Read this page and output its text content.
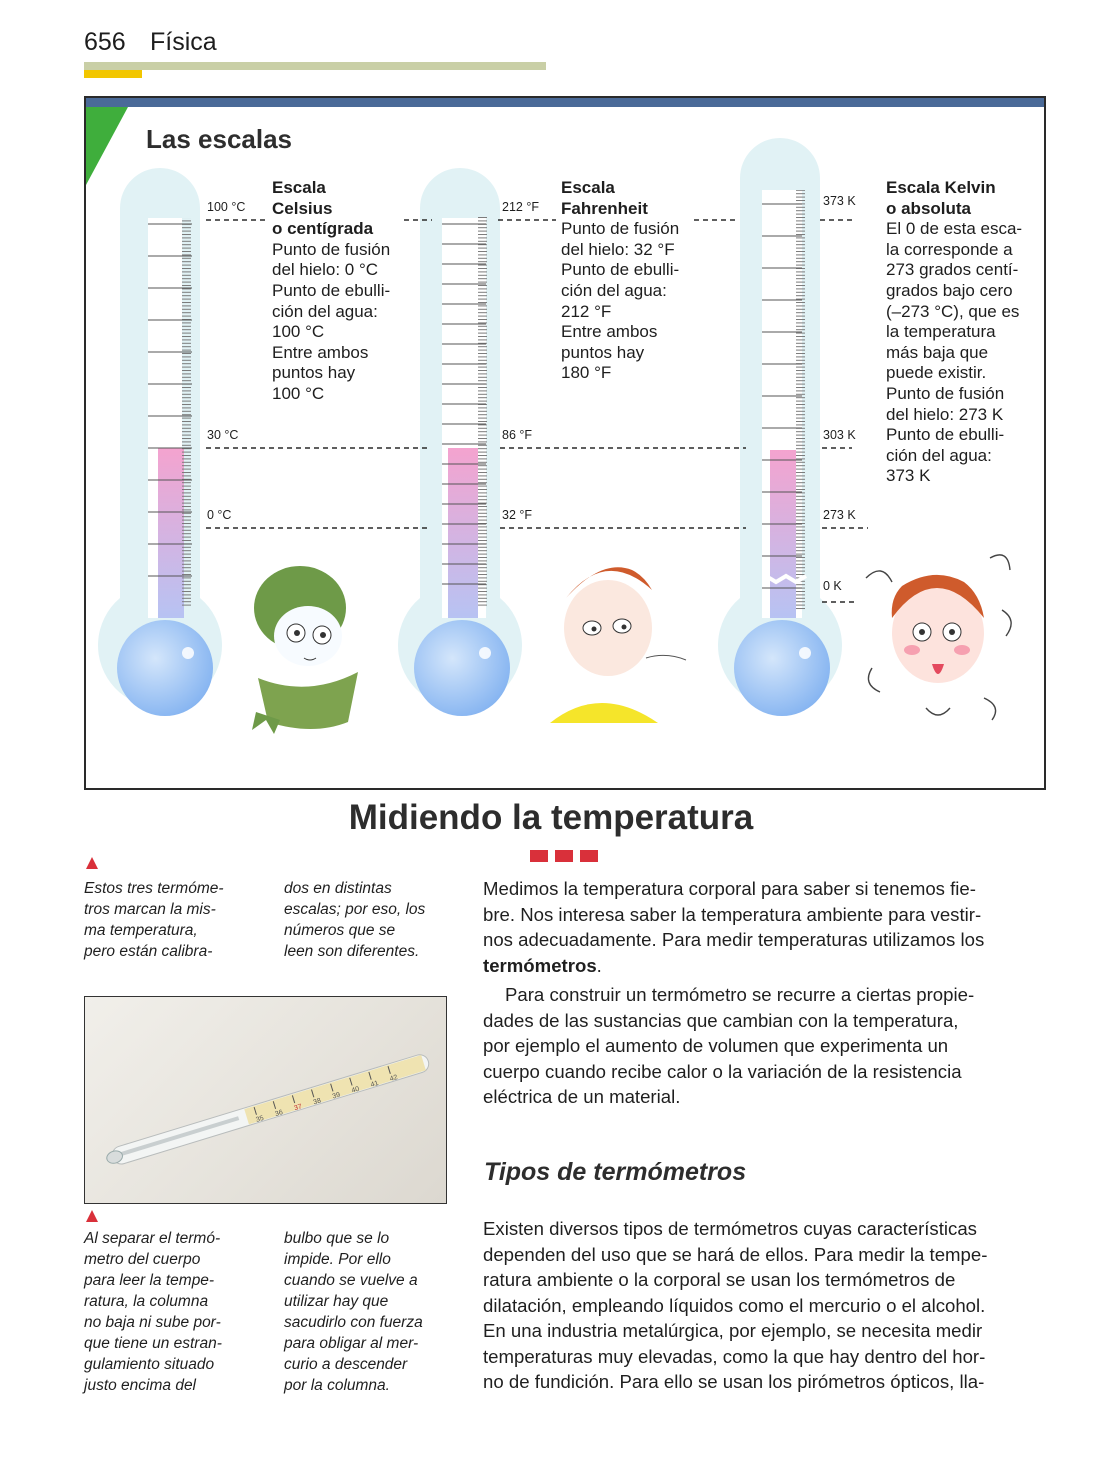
656 Física
Las escalas
100 °C
30 °C
0 °C
212 °F
86 °F
32 °F
373 K
303 K
273 K
0 K
Escala
Celsius
o centígrada
Punto de fusión
del hielo: 0 °C
Punto de ebulli-
ción del agua:
100 °C
Entre ambos
puntos hay
100 °C
Escala
Fahrenheit
Punto de fusión
del hielo: 32 °F
Punto de ebulli-
ción del agua:
212 °F
Entre ambos
puntos hay
180 °F
Escala Kelvin
o absoluta
El 0 de esta esca-
la corresponde a
273 grados centí-
grados bajo cero
(–273 °C), que es
la temperatura
más baja que
puede existir.
Punto de fusión
del hielo: 273 K
Punto de ebulli-
ción del agua:
373 K
Midiendo la temperatura
Estos tres termóme-
tros marcan la mis-
ma temperatura,
pero están calibra-
dos en distintas
escalas; por eso, los
números que se
leen son diferentes.
35
36
37
38
39
40
41
42
Al separar el termó-
metro del cuerpo
para leer la tempe-
ratura, la columna
no baja ni sube por-
que tiene un estran-
gulamiento situado
justo encima del
bulbo que se lo
impide. Por ello
cuando se vuelve a
utilizar hay que
sacudirlo con fuerza
para obligar al mer-
curio a descender
por la columna.
Medimos la temperatura corporal para saber si tenemos fie-
bre. Nos interesa saber la temperatura ambiente para vestir-
nos adecuadamente. Para medir temperaturas utilizamos los
termómetros.
Para construir un termómetro se recurre a ciertas propie-
dades de las sustancias que cambian con la temperatura,
por ejemplo el aumento de volumen que experimenta un
cuerpo cuando recibe calor o la variación de la resistencia
eléctrica de un material.
Tipos de termómetros
Existen diversos tipos de termómetros cuyas características
dependen del uso que se hará de ellos. Para medir la tempe-
ratura ambiente o la corporal se usan los termómetros de
dilatación, empleando líquidos como el mercurio o el alcohol.
En una industria metalúrgica, por ejemplo, se necesita medir
temperaturas muy elevadas, como la que hay dentro del hor-
no de fundición. Para ello se usan los pirómetros ópticos, lla-
